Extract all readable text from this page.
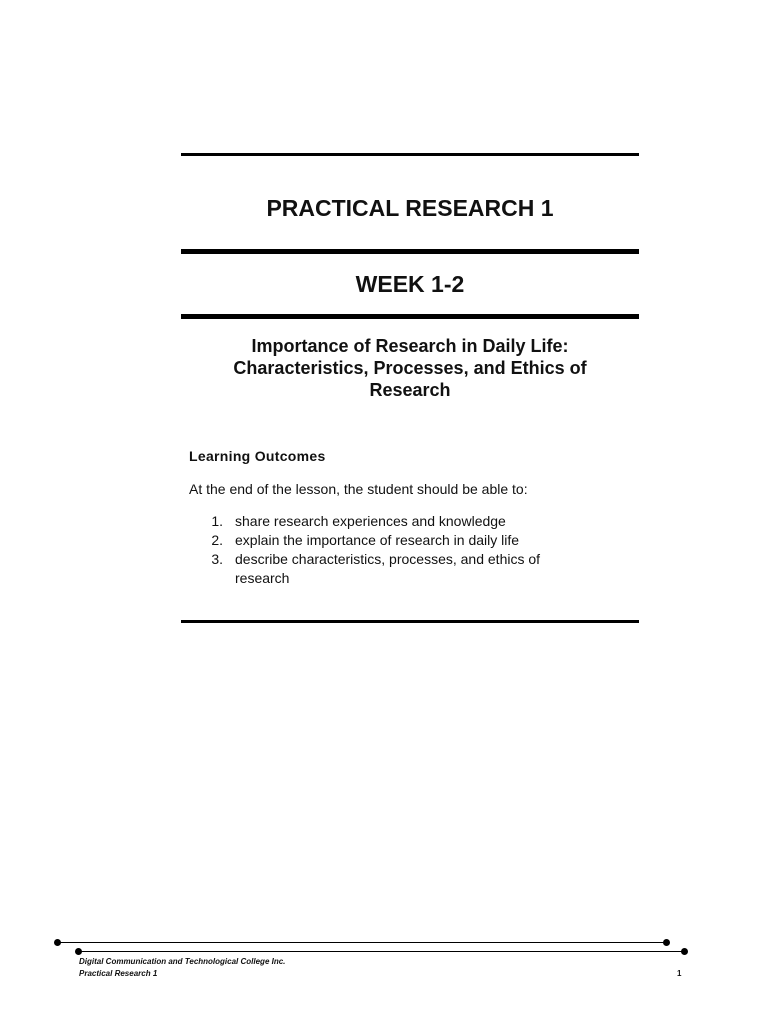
PRACTICAL RESEARCH 1
WEEK 1-2
Importance of Research in Daily Life: Characteristics, Processes, and Ethics of Research
Learning Outcomes
At the end of the lesson, the student should be able to:
1. share research experiences and knowledge
2. explain the importance of research in daily life
3. describe characteristics, processes, and ethics of research
Digital Communication and Technological College Inc.
Practical Research 1	1
